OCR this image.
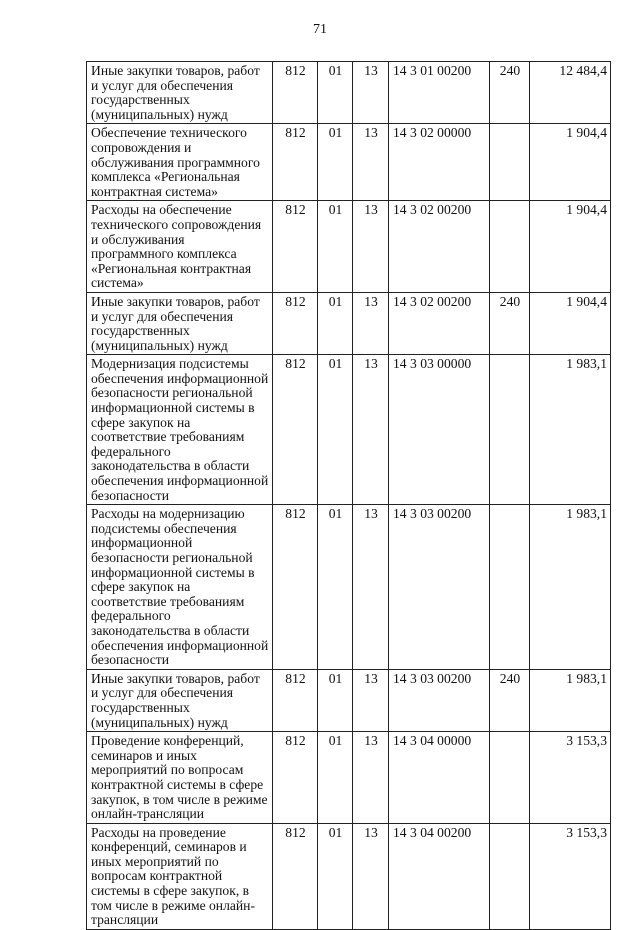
71
Иные закупки товаров, работ и услуг для обеспечения государственных (муниципальных) нужд	812	01	13	14 3 01 00200	240	12 484,4
Обеспечение технического сопровождения и обслуживания программного комплекса «Региональная контрактная система»	812	01	13	14 3 02 00000		1 904,4
Расходы на обеспечение технического сопровождения и обслуживания программного комплекса «Региональная контрактная система»	812	01	13	14 3 02 00200		1 904,4
Иные закупки товаров, работ и услуг для обеспечения государственных (муниципальных) нужд	812	01	13	14 3 02 00200	240	1 904,4
Модернизация подсистемы обеспечения информационной безопасности региональной информационной системы в сфере закупок на соответствие требованиям федерального законодательства в области обеспечения информационной безопасности	812	01	13	14 3 03 00000		1 983,1
Расходы на модернизацию подсистемы обеспечения информационной безопасности региональной информационной системы в сфере закупок на соответствие требованиям федерального законодательства в области обеспечения информационной безопасности	812	01	13	14 3 03 00200		1 983,1
Иные закупки товаров, работ и услуг для обеспечения государственных (муниципальных) нужд	812	01	13	14 3 03 00200	240	1 983,1
Проведение конференций, семинаров и иных мероприятий по вопросам контрактной системы в сфере закупок, в том числе в режиме онлайн-трансляции	812	01	13	14 3 04 00000		3 153,3
Расходы на проведение конференций, семинаров и иных мероприятий по вопросам контрактной системы в сфере закупок, в том числе в режиме онлайн-трансляции	812	01	13	14 3 04 00200		3 153,3
